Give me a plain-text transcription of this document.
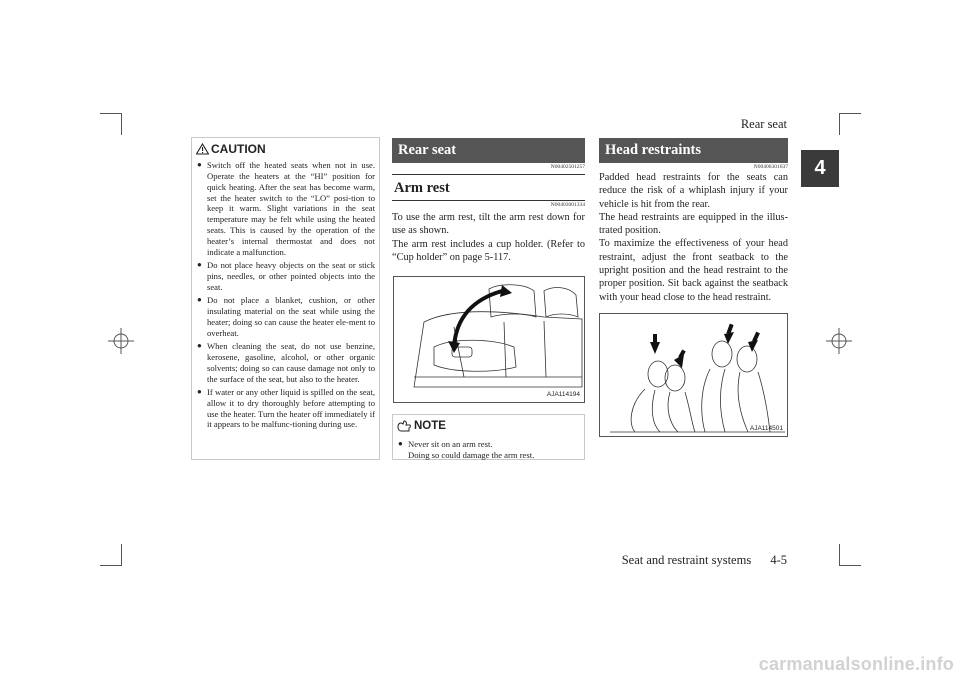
Rear seat
4
CAUTION
● Switch off the heated seats when not in use. Operate the heaters at the “HI” position for quick heating. After the seat has become warm, set the heater switch to the “LO” posi-tion to keep it warm. Slight variations in the seat temperature may be felt while using the heated seats. This is caused by the operation of the heater’s internal thermostat and does not indicate a malfunction.
● Do not place heavy objects on the seat or stick pins, needles, or other pointed objects into the seat.
● Do not place a blanket, cushion, or other insulating material on the seat while using the heater; doing so can cause the heater ele-ment to overheat.
● When cleaning the seat, do not use benzine, kerosene, gasoline, alcohol, or other organic solvents; doing so can cause damage not only to the surface of the seat, but also to the heater.
● If water or any other liquid is spilled on the seat, allow it to dry thoroughly before attempting to use the heater. Turn the heater off immediately if it appears to be malfunc-tioning during use.
Rear seat
N00402501257
Arm rest
N00403001334
To use the arm rest, tilt the arm rest down for use as shown.
The arm rest includes a cup holder. (Refer to “Cup holder” on page 5-117.
AJA114194
NOTE
● Never sit on an arm rest.
Doing so could damage the arm rest.
Head restraints
N00406301637
Padded head restraints for the seats can reduce the risk of a whiplash injury if your vehicle is hit from the rear.
The head restraints are equipped in the illus-trated position.
To maximize the effectiveness of your head restraint, adjust the front seatback to the upright position and the head restraint to the proper position. Sit back against the seatback with your head close to the head restraint.
AJA114501
Seat and restraint systems 4-5
carmanualsonline.info
